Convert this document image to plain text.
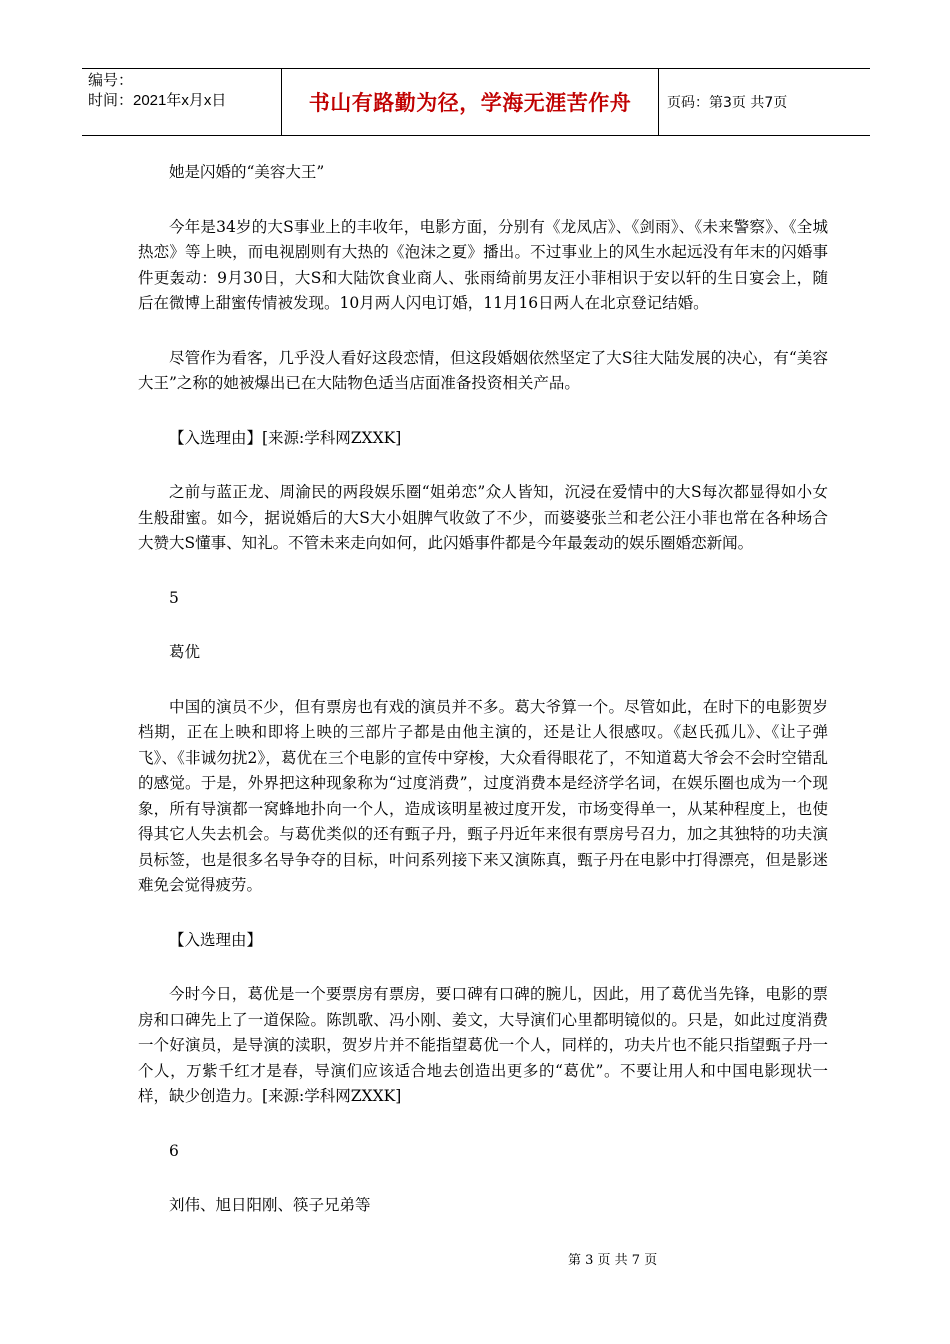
编号：
时间：2021年x月x日	书山有路勤为径，学海无涯苦作舟	页码：第3页 共7页

她是闪婚的“美容大王”

今年是34岁的大S事业上的丰收年，电影方面，分别有《龙凤店》、《剑雨》、《未来警察》、《全城热恋》等上映，而电视剧则有大热的《泡沫之夏》播出。不过事业上的风生水起远没有年末的闪婚事件更轰动：9月30日，大S和大陆饮食业商人、张雨绮前男友汪小菲相识于安以轩的生日宴会上，随后在微博上甜蜜传情被发现。10月两人闪电订婚，11月16日两人在北京登记结婚。

尽管作为看客，几乎没人看好这段恋情，但这段婚姻依然坚定了大S往大陆发展的决心，有“美容大王”之称的她被爆出已在大陆物色适当店面准备投资相关产品。

【入选理由】[来源:学科网ZXXK]

之前与蓝正龙、周渝民的两段娱乐圈“姐弟恋”众人皆知，沉浸在爱情中的大S每次都显得如小女生般甜蜜。如今，据说婚后的大S大小姐脾气收敛了不少，而婆婆张兰和老公汪小菲也常在各种场合大赞大S懂事、知礼。不管未来走向如何，此闪婚事件都是今年最轰动的娱乐圈婚恋新闻。

5

葛优

中国的演员不少，但有票房也有戏的演员并不多。葛大爷算一个。尽管如此，在时下的电影贺岁档期，正在上映和即将上映的三部片子都是由他主演的，还是让人很感叹。《赵氏孤儿》、《让子弹飞》、《非诚勿扰2》，葛优在三个电影的宣传中穿梭，大众看得眼花了，不知道葛大爷会不会时空错乱的感觉。于是，外界把这种现象称为“过度消费”，过度消费本是经济学名词，在娱乐圈也成为一个现象，所有导演都一窝蜂地扑向一个人，造成该明星被过度开发，市场变得单一，从某种程度上，也使得其它人失去机会。与葛优类似的还有甄子丹，甄子丹近年来很有票房号召力，加之其独特的功夫演员标签，也是很多名导争夺的目标，叶问系列接下来又演陈真，甄子丹在电影中打得漂亮，但是影迷难免会觉得疲劳。

【入选理由】

今时今日，葛优是一个要票房有票房，要口碑有口碑的腕儿，因此，用了葛优当先锋，电影的票房和口碑先上了一道保险。陈凯歌、冯小刚、姜文，大导演们心里都明镜似的。只是，如此过度消费一个好演员，是导演的渎职，贺岁片并不能指望葛优一个人，同样的，功夫片也不能只指望甄子丹一个人，万紫千红才是春，导演们应该适合地去创造出更多的“葛优”。不要让用人和中国电影现状一样，缺少创造力。[来源:学科网ZXXK]

6

刘伟、旭日阳刚、筷子兄弟等

第 3 页 共 7 页
